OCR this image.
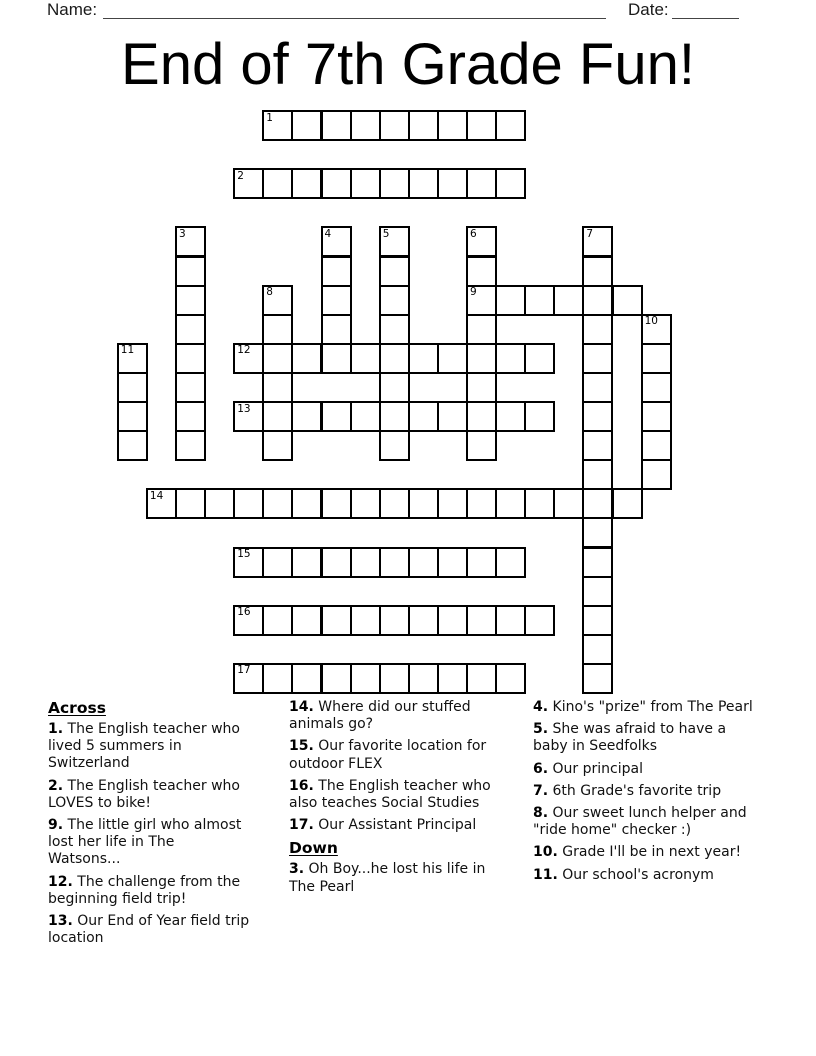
Name:	Date:
End of 7th Grade Fun!
1
2
3	4	5	6
9
7
8
10
11	12
13
14
15
16
17
Across

1. The English teacher who lived 5 summers in Switzerland

2. The English teacher who LOVES to bike!

9. The little girl who almost lost her life in The Watsons...

12. The challenge from the beginning field trip!

13. Our End of Year field trip location

14. Where did our stuffed animals go?

15. Our favorite location for outdoor FLEX

16. The English teacher who also teaches Social Studies

17. Our Assistant Principal

Down

3. Oh Boy...he lost his life in The Pearl

4. Kino's "prize" from The Pearl

5. She was afraid to have a baby in Seedfolks

6. Our principal

7. 6th Grade's favorite trip

8. Our sweet lunch helper and "ride home" checker :)

10. Grade I'll be in next year!

11. Our school's acronym
